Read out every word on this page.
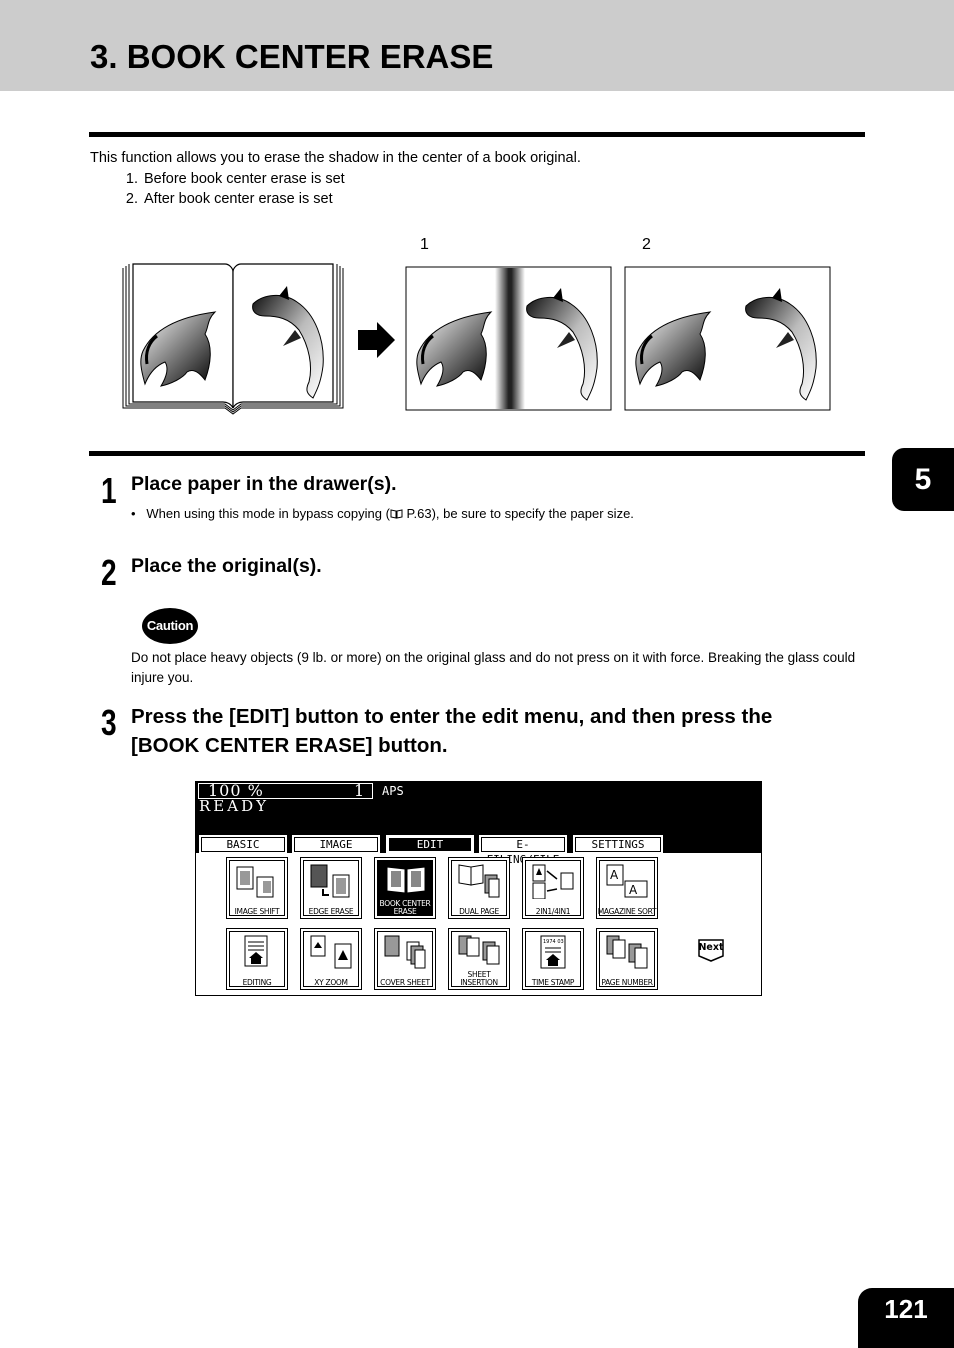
3. BOOK CENTER ERASE
This function allows you to erase the shadow in the center of a book original.
1. Before book center erase is set
2. After book center erase is set
1	2
5
1 Place paper in the drawer(s).
•   When using this mode in bypass copying ( P.63), be sure to specify the paper size.
2 Place the original(s).
Caution
Do not place heavy objects (9 lb. or more) on the original glass and do not press on it with force. Breaking the glass could injure you.
3 Press the [EDIT] button to enter the edit menu, and then press the
[BOOK CENTER ERASE] button.
100 %	1 APS
READY
BASIC	IMAGE	EDIT	E- N
SETTINGS
IMAGE SHIFT	EDGE ERASE
BOOK CENTER
ERASE	DUAL PAGE	2IN1/4IN1
A
A
MAGAZINE SORT
EDITING	XY ZOOM	COVER SHEET
SHEET
INSERTION
1974 03
TIME STAMP	PAGE NUMBER
Next
121
